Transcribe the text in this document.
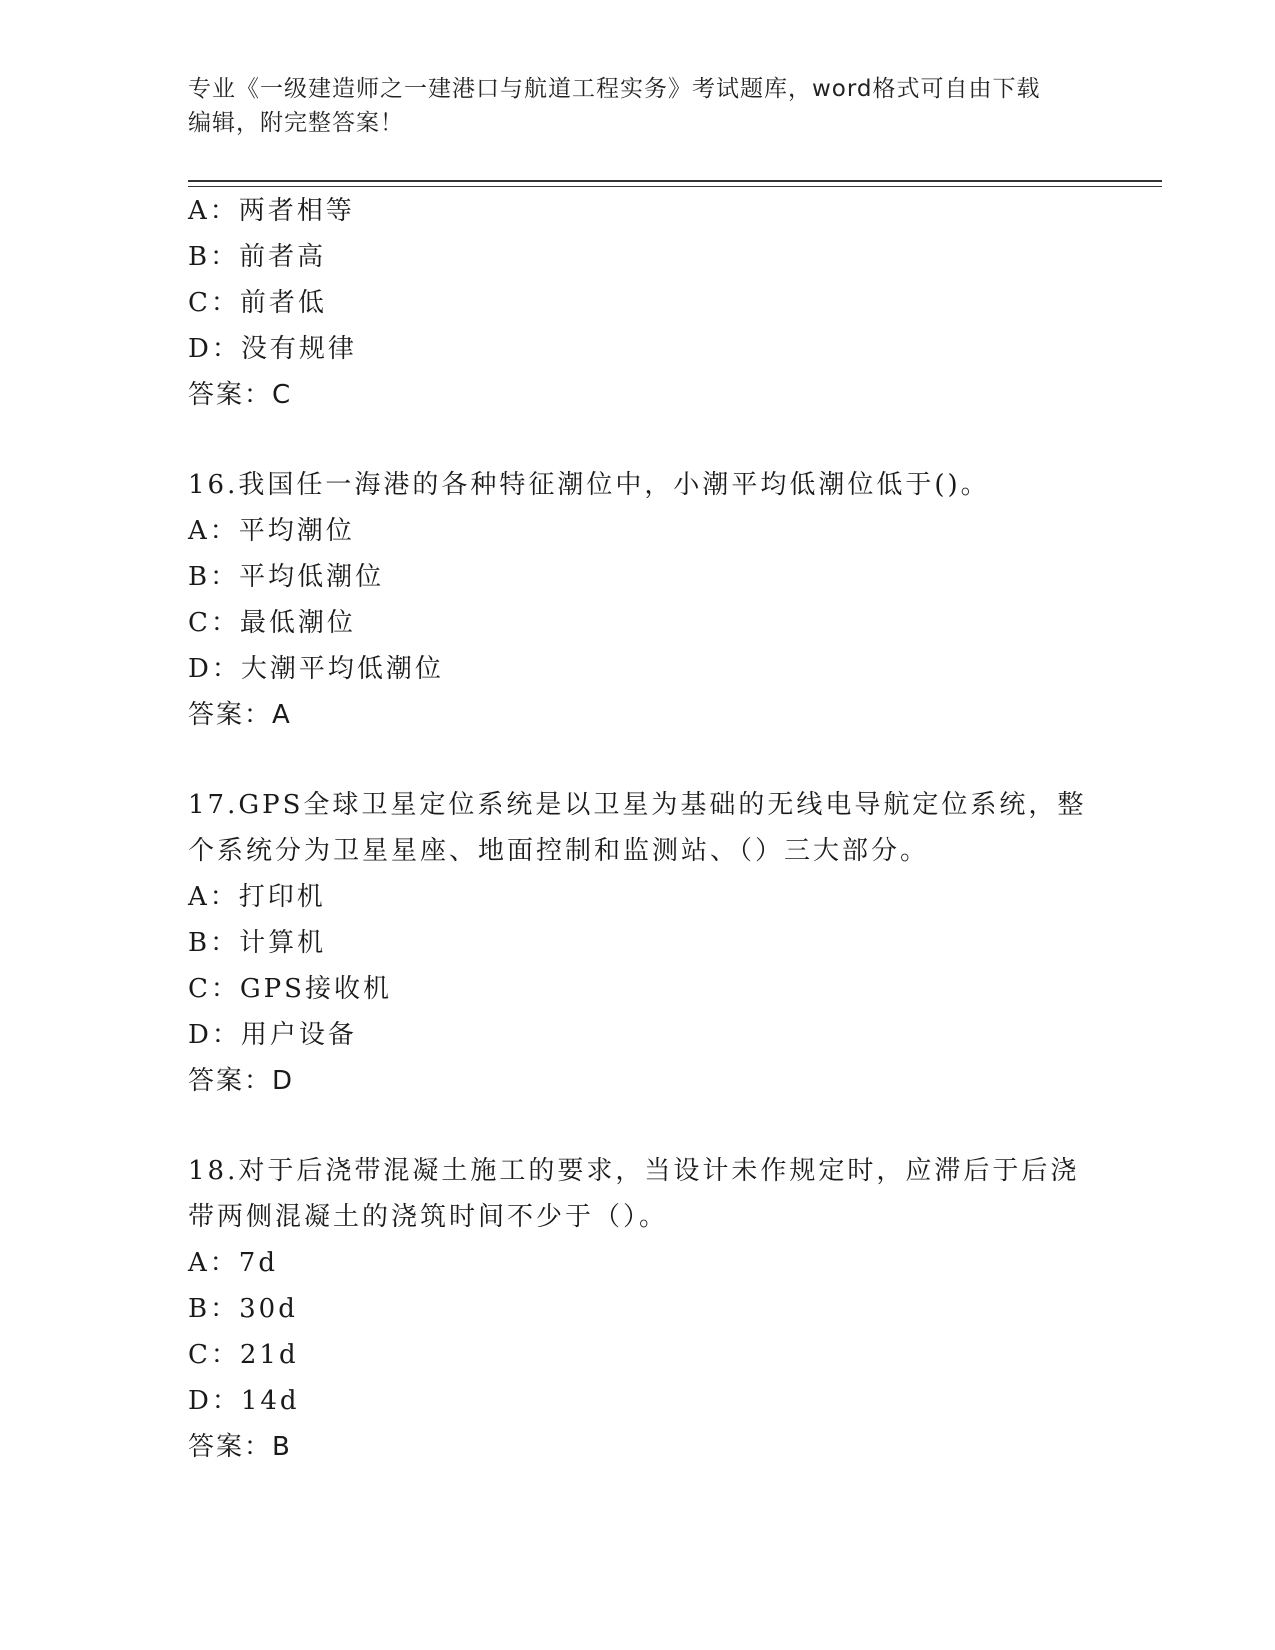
专业《一级建造师之一建港口与航道工程实务》考试题库，word格式可自由下载
编辑，附完整答案！
A：两者相等
B：前者高
C：前者低
D：没有规律
答案：C
16.我国任一海港的各种特征潮位中，小潮平均低潮位低于()。
A：平均潮位
B：平均低潮位
C：最低潮位
D：大潮平均低潮位
答案：A
17.GPS全球卫星定位系统是以卫星为基础的无线电导航定位系统，整
个系统分为卫星星座、地面控制和监测站、（）三大部分。
A：打印机
B：计算机
C：GPS接收机
D：用户设备
答案：D
18.对于后浇带混凝土施工的要求，当设计未作规定时，应滞后于后浇
带两侧混凝土的浇筑时间不少于（）。
A：7d
B：30d
C：21d
D：14d
答案：B
